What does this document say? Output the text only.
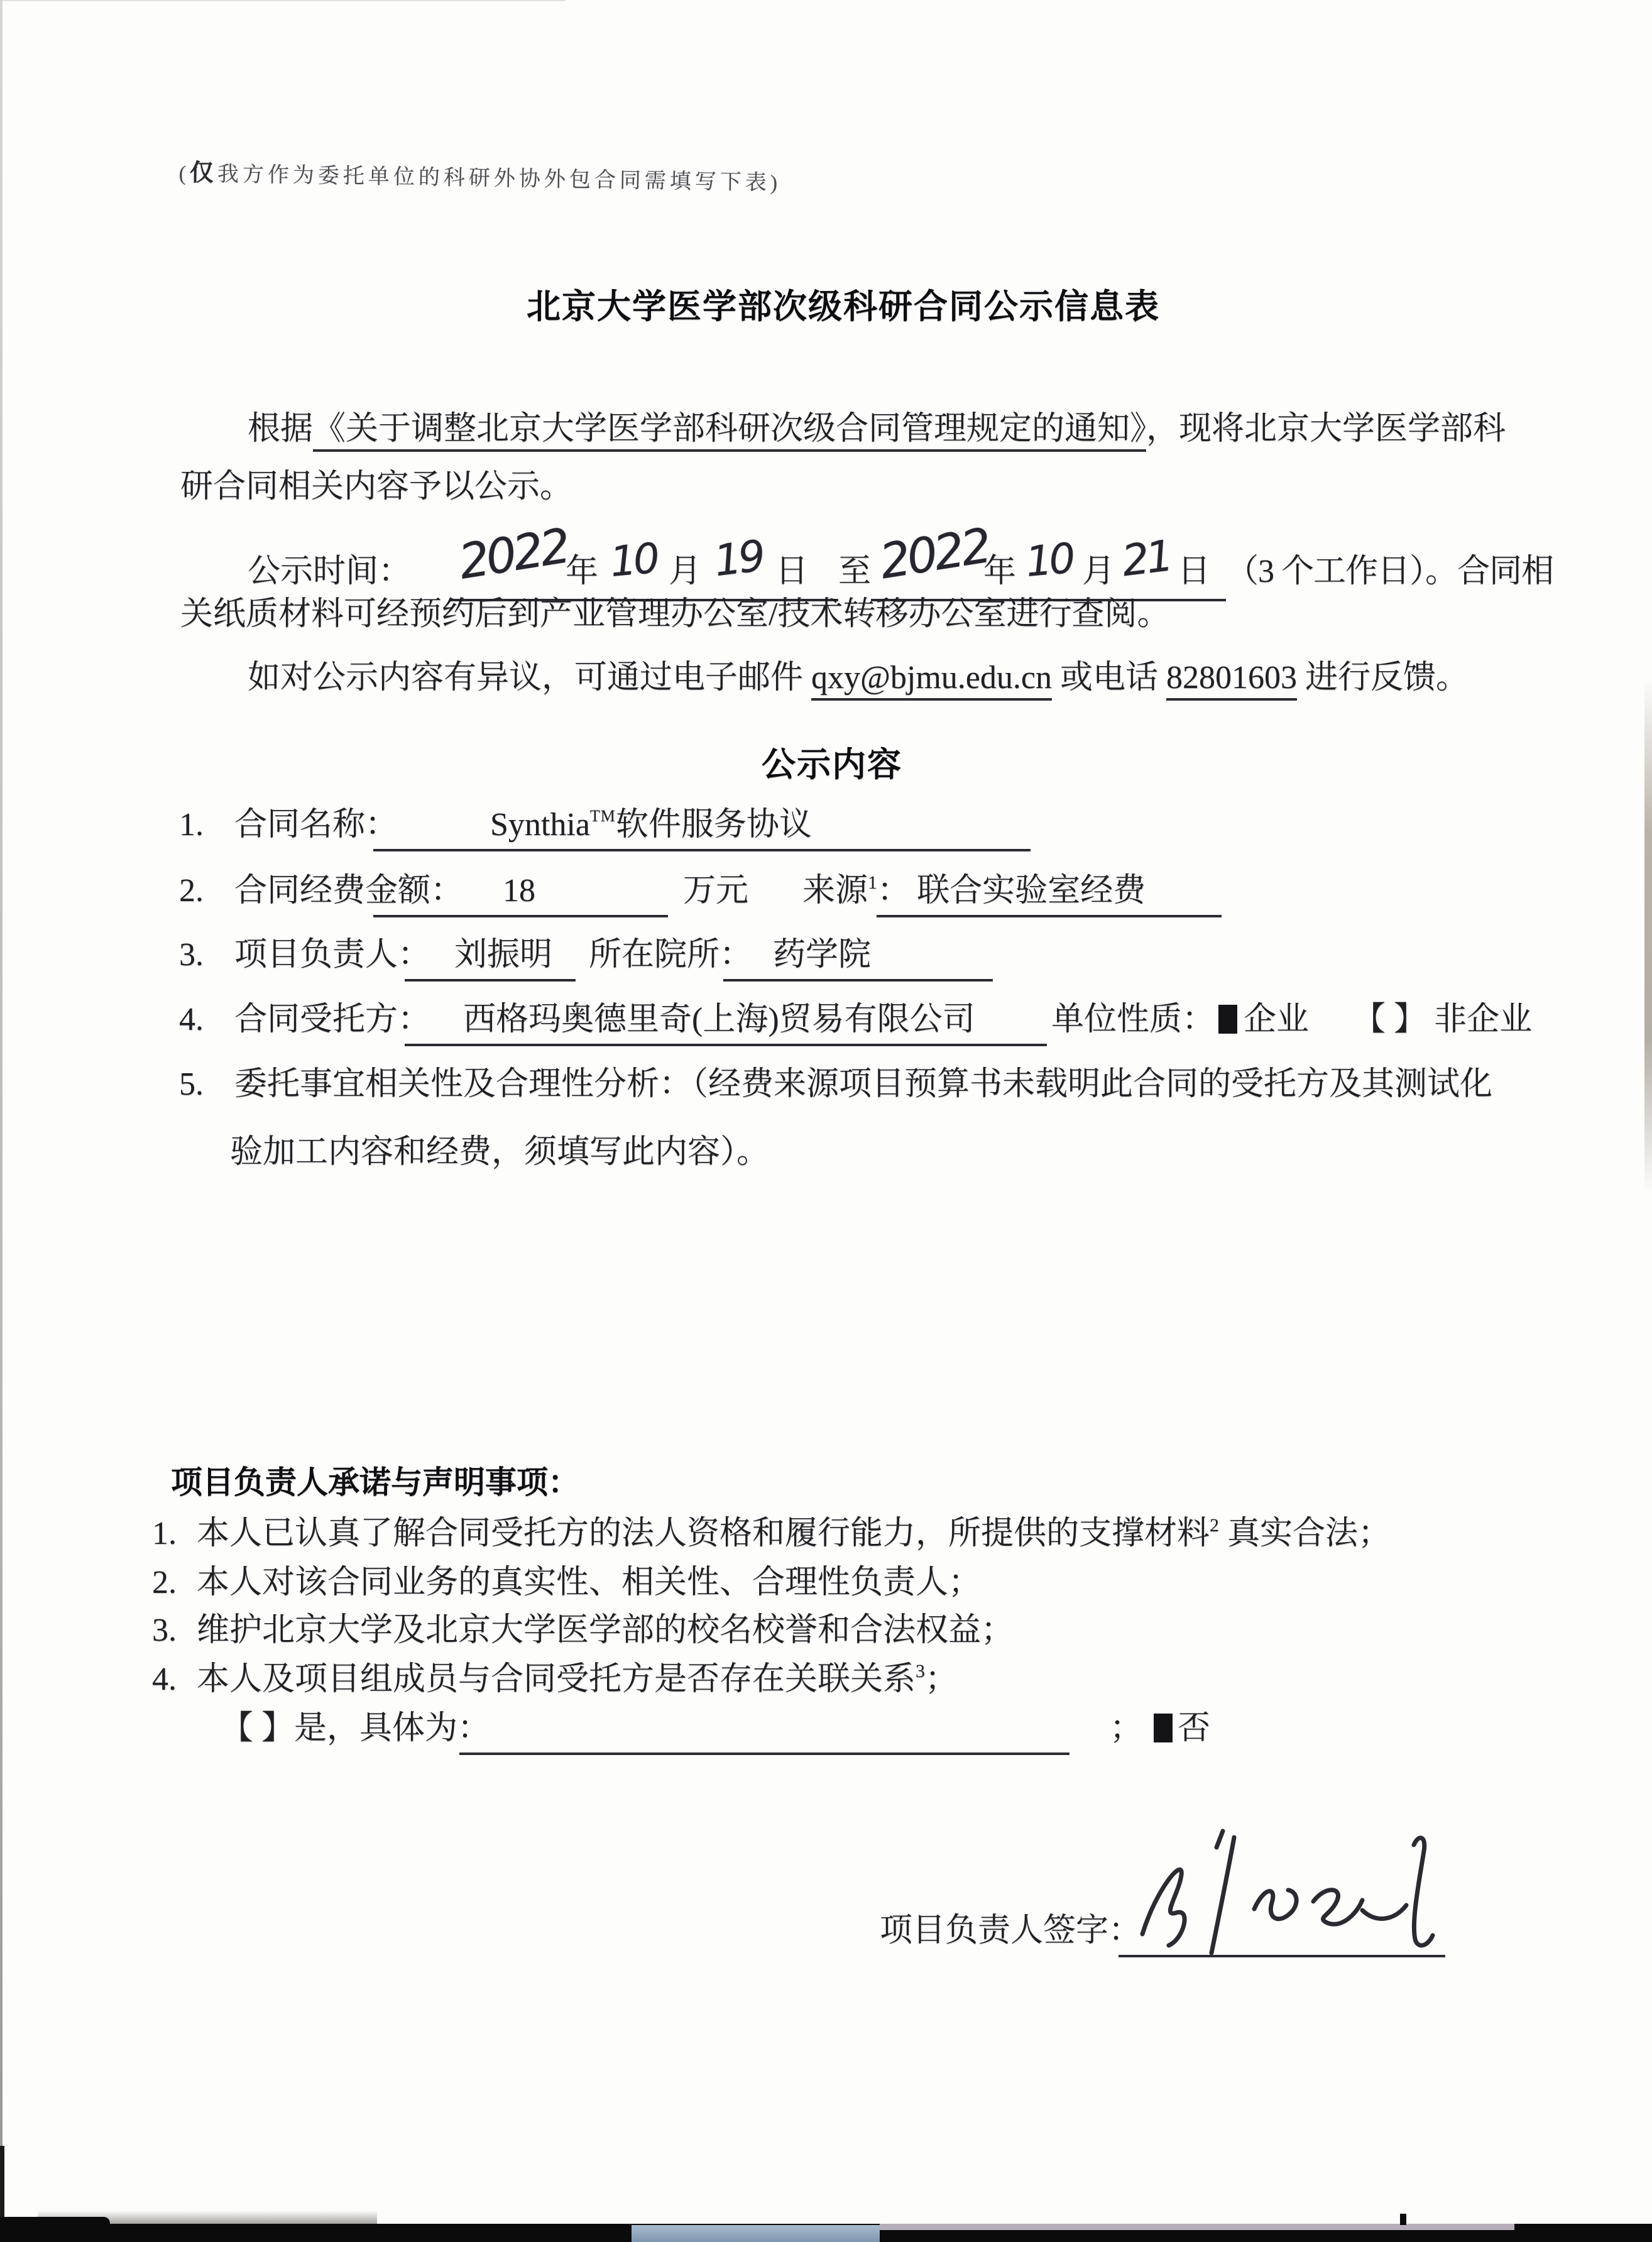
(仅我方作为委托单位的科研外协外包合同需填写下表)
北京大学医学部次级科研合同公示信息表
根据《关于调整北京大学医学部科研次级合同管理规定的通知》，现将北京大学医学部科
研合同相关内容予以公示。
公示时间： 2022年 10 月 19 日 至 2022年 10 月 21 日 （3 个工作日）。合同相
关纸质材料可经预约后到产业管理办公室/技术转移办公室进行查阅。
如对公示内容有异议，可通过电子邮件 qxy@bjmu.edu.cn 或电话 82801603 进行反馈。
公示内容
1. 合同名称：	Synthia™软件服务协议
2. 合同经费金额： 18	万元 来源$^1$： 联合实验室经费
3. 项目负责人： 刘振明 所在院所： 药学院
4. 合同受托方： 西格玛奥德里奇(上海)贸易有限公司 单位性质： 企业 【 】 非企业
5. 委托事宜相关性及合理性分析：（经费来源项目预算书未载明此合同的受托方及其测试化
验加工内容和经费，须填写此内容）。
项目负责人承诺与声明事项：
1. 本人已认真了解合同受托方的法人资格和履行能力，所提供的支撑材料$^2$ 真实合法；
2. 本人对该合同业务的真实性、相关性、合理性负责人；
3. 维护北京大学及北京大学医学部的校名校誉和合法权益；
4. 本人及项目组成员与合同受托方是否存在关联关系$^3$；
【 】是，具体为：	； 否
项目负责人签字：
